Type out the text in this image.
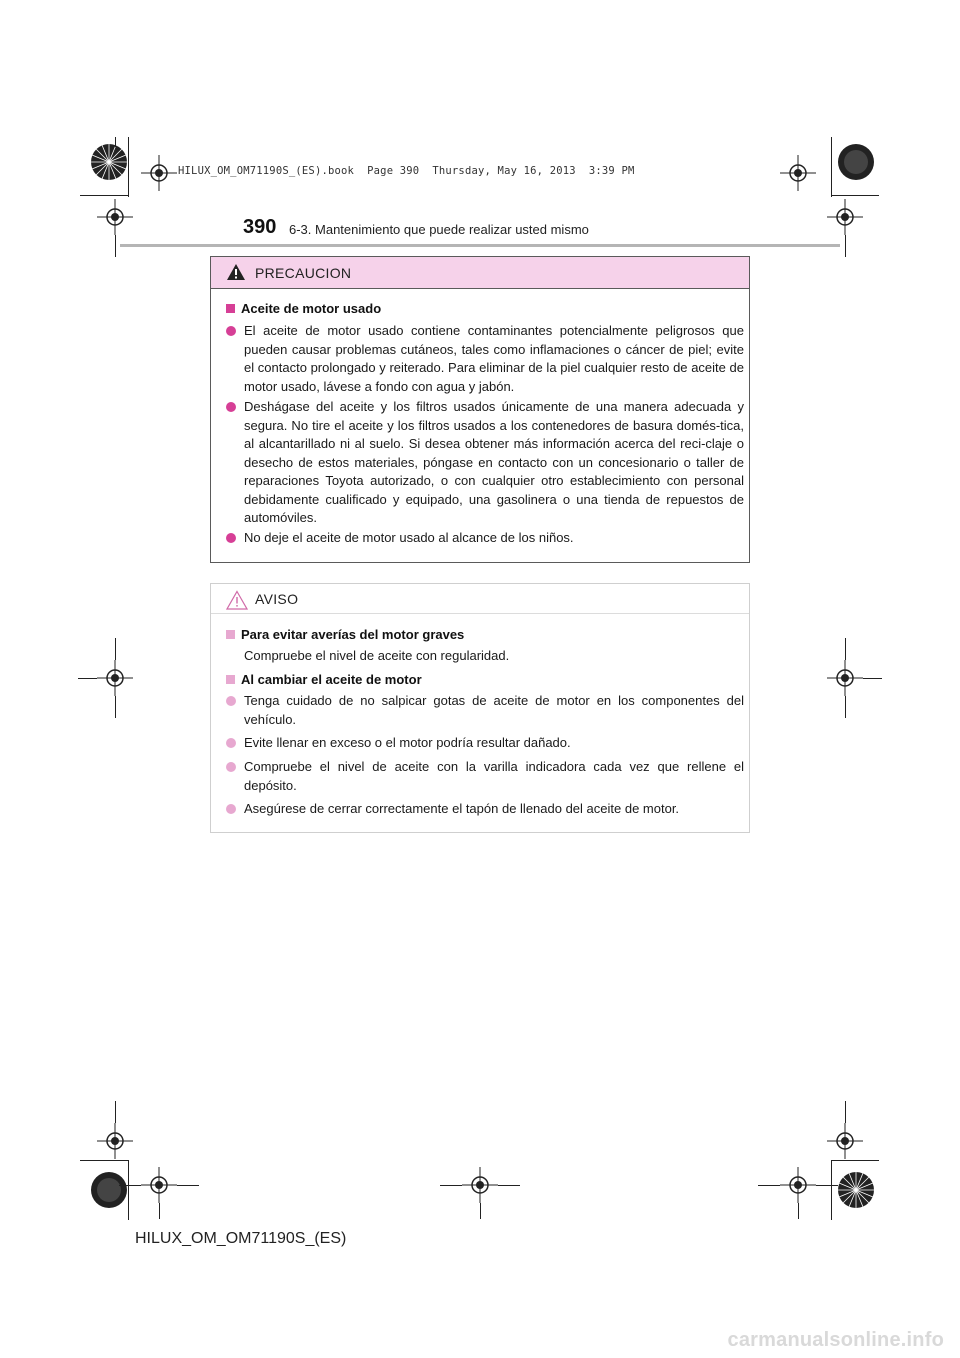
HILUX_OM_OM71190S_(ES).book  Page 390  Thursday, May 16, 2013  3:39 PM
390 6-3. Mantenimiento que puede realizar usted mismo
PRECAUCION
Aceite de motor usado
El aceite de motor usado contiene contaminantes potencialmente peligrosos que pueden causar problemas cutáneos, tales como inflamaciones o cáncer de piel; evite el contacto prolongado y reiterado. Para eliminar de la piel cualquier resto de aceite de motor usado, lávese a fondo con agua y jabón.
Deshágase del aceite y los filtros usados únicamente de una manera adecuada y segura. No tire el aceite y los filtros usados a los contenedores de basura domés-tica, al alcantarillado ni al suelo. Si desea obtener más información acerca del reci-claje o desecho de estos materiales, póngase en contacto con un concesionario o taller de reparaciones Toyota autorizado, o con cualquier otro establecimiento con personal debidamente cualificado y equipado, una gasolinera o una tienda de repuestos de automóviles.
No deje el aceite de motor usado al alcance de los niños.
AVISO
Para evitar averías del motor graves
Compruebe el nivel de aceite con regularidad.
Al cambiar el aceite de motor
Tenga cuidado de no salpicar gotas de aceite de motor en los componentes del vehículo.
Evite llenar en exceso o el motor podría resultar dañado.
Compruebe el nivel de aceite con la varilla indicadora cada vez que rellene el depósito.
Asegúrese de cerrar correctamente el tapón de llenado del aceite de motor.
HILUX_OM_OM71190S_(ES)
carmanualsonline.info
